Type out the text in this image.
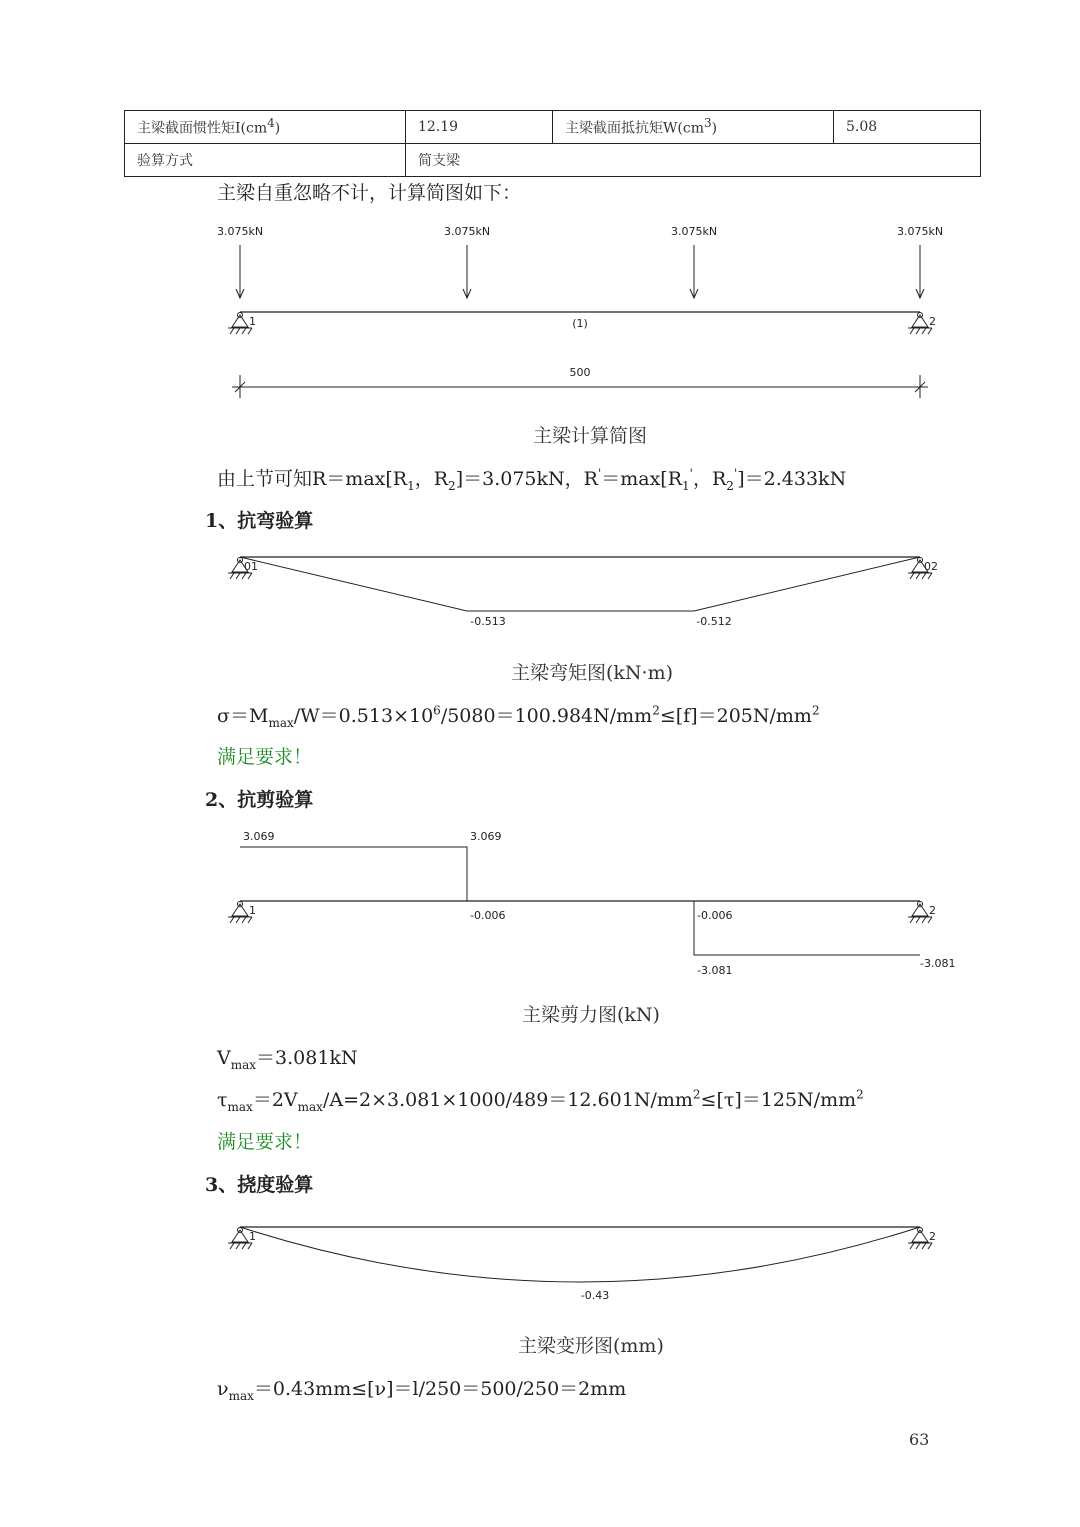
主梁截面惯性矩$I(cm^4)$	12.19	主梁截面抵抗矩$W(cm^3)$	5.08
验算方式	简支梁		
主梁自重忽略不计，计算简图如下：
3.075kN	3.075kN	3.075kN	3.075kN
1	2
(1)
500
主梁计算简图
由上节可知$R=\max[R_1$，$R_2]=3.075kN$，$R'=\max[R_1'$，$R_2']=2.433kN$
1、抗弯验算
0 1	0 2
-0.513	-0.512
主梁弯矩图(kN·m)
$\sigma=M_{max}/W=0.513\times 10^6/5080=100.984N/mm^2\le[f]=205N/mm^2$
满足要求！
2、抗剪验算
1	2
3.069	3.069
-0.006	-0.006
-3.081
-3.081
主梁剪力图(kN)
$V_{max}=3.081kN$
$\tau_{max}=2V_{max}/A=2\times 3.081\times 1000/489=12.601N/mm^2\le[\tau]=125N/mm^2$
满足要求！
3、挠度验算
1	2
-0.43
主梁变形图(mm)
$\nu_{max}=0.43mm\le[\nu]=l/250=500/250=2mm$
63
